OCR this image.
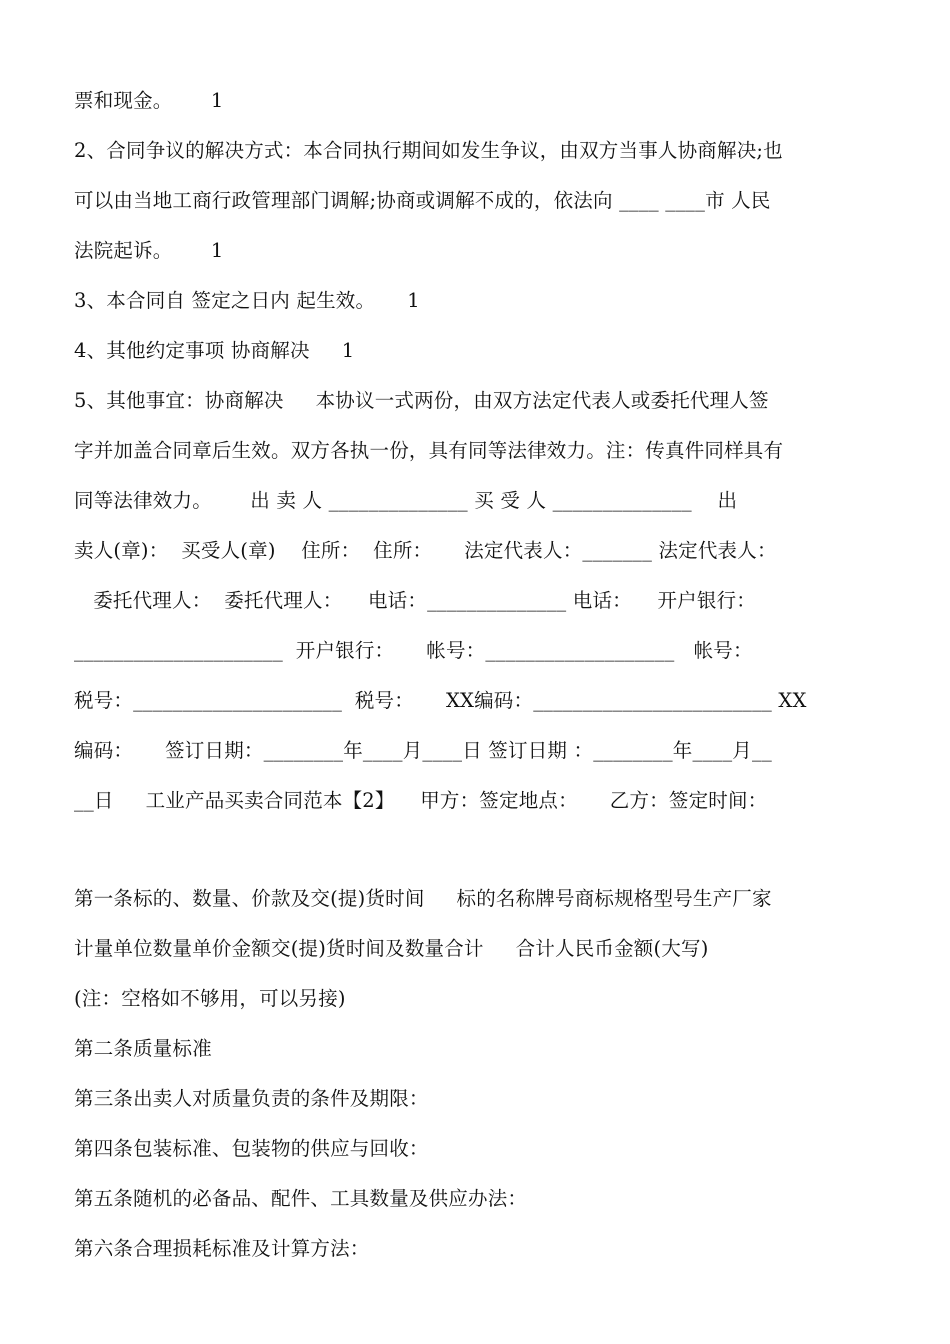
票和现金。      1
2、合同争议的解决方式：本合同执行期间如发生争议，由双方当事人协商解决;也
可以由当地工商行政管理部门调解;协商或调解不成的，依法向 ____ ____市 人民
法院起诉。      1
3、本合同自 签定之日内 起生效。     1
4、其他约定事项 协商解决     1
5、其他事宜：协商解决     本协议一式两份，由双方法定代表人或委托代理人签
字并加盖合同章后生效。双方各执一份，具有同等法律效力。注：传真件同样具有
同等法律效力。      出 卖 人 ______________ 买 受 人 ______________    出
卖人(章)：  买受人(章)    住所：  住所：     法定代表人：_______ 法定代表人：
委托代理人：  委托代理人：    电话：______________ 电话：    开户银行：
_____________________  开户银行：     帐号：___________________   帐号：
税号：_____________________  税号：     XX编码：________________________ XX
编码：     签订日期：________年____月____日 签订日期 ：________年____月__
__日     工业产品买卖合同范本【2】    甲方：签定地点：     乙方：签定时间：
第一条标的、数量、价款及交(提)货时间     标的名称牌号商标规格型号生产厂家
计量单位数量单价金额交(提)货时间及数量合计     合计人民币金额(大写)
(注：空格如不够用，可以另接)
第二条质量标准
第三条出卖人对质量负责的条件及期限：
第四条包装标准、包装物的供应与回收：
第五条随机的必备品、配件、工具数量及供应办法：
第六条合理损耗标准及计算方法：
